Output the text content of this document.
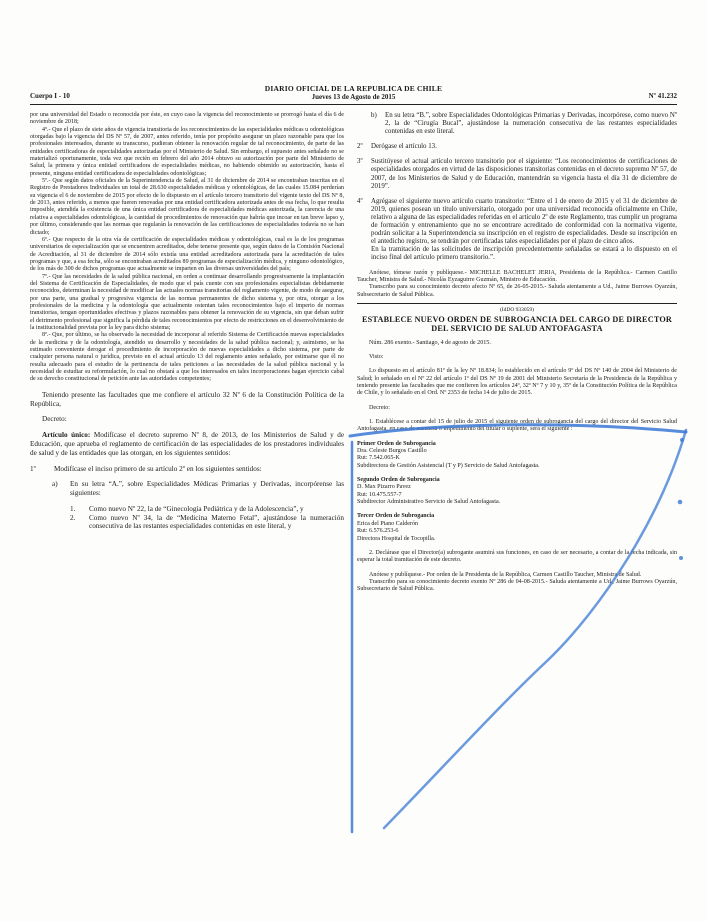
Cuerpo I - 10
DIARIO OFICIAL DE LA REPUBLICA DE CHILE
Jueves 13 de Agosto de 2015	Nº 41.232

por una universidad del Estado o reconocida por éste, en cuyo caso la vigencia del reconocimiento se prorrogó hasta el día 6 de noviembre de 2018;

4º.- Que el plazo de siete años de vigencia transitoria de los reconocimientos de las especialidades médicas u odontológicas otorgadas bajo la vigencia del DS Nº 57, de 2007, antes referido, tenía por propósito asegurar un plazo razonable para que los profesionales interesados, durante su transcurso, pudieran obtener la renovación regular de tal reconocimiento, de parte de las entidades certificadoras de especialidades autorizadas por el Ministerio de Salud. Sin embargo, el supuesto antes señalado no se materializó oportunamente, toda vez que recién en febrero del año 2014 obtuvo su autorización por parte del Ministerio de Salud, la primera y única entidad certificadora de especialidades médicas, no habiendo obtenido su autorización, hasta el presente, ninguna entidad certificadora de especialidades odontológicas;

5º.- Que según datos oficiales de la Superintendencia de Salud, al 31 de diciembre de 2014 se encontraban inscritas en el Registro de Prestadores Individuales un total de 28.630 especialidades médicas y odontológicas, de las cuales 15.084 perderían su vigencia el 6 de noviembre de 2015 por efecto de lo dispuesto en el artículo tercero transitorio del vigente texto del DS Nº 8, de 2013, antes referido, a menos que fueren renovadas por una entidad certificadora autorizada antes de esa fecha, lo que resulta imposible, atendida la existencia de una única entidad certificadora de especialidades médicas autorizada, la carencia de una relativa a especialidades odontológicas, la cantidad de procedimientos de renovación que habría que incoar en tan breve lapso y, por último, considerando que las normas que regularán la renovación de las certificaciones de especialidades todavía no se han dictado;

6º.- Que respecto de la otra vía de certificación de especialidades médicas y odontológicas, cual es la de los programas universitarios de especialización que se encuentren acreditados, debe tenerse presente que, según datos de la Comisión Nacional de Acreditación, al 31 de diciembre de 2014 sólo existía una entidad acreditadora autorizada para la acreditación de tales programas y que, a esa fecha, sólo se encontraban acreditados 89 programas de especialización médica, y ninguno odontológico, de los más de 300 de dichos programas que actualmente se imparten en las diversas universidades del país;

7º.- Que las necesidades de la salud pública nacional, en orden a continuar desarrollando progresivamente la implantación del Sistema de Certificación de Especialidades, de modo que el país cuente con sus profesionales especialistas debidamente reconocidos, determinan la necesidad de modificar las actuales normas transitorias del reglamento vigente, de modo de asegurar, por una parte, una gradual y progresiva vigencia de las normas permanentes de dicho sistema y, por otra, otorgar a los profesionales de la medicina y la odontología que actualmente ostentan tales reconocimientos bajo el imperio de normas transitorias, tengan oportunidades efectivas y plazos razonables para obtener la renovación de su vigencia, sin que deban sufrir el detrimento profesional que significa la pérdida de tales reconocimientos por efecto de restricciones en el desenvolvimiento de la institucionalidad prevista por la ley para dicho sistema;

8º.- Que, por último, se ha observado la necesidad de incorporar al referido Sistema de Certificación nuevas especialidades de la medicina y de la odontología, atendido su desarrollo y necesidades de la salud pública nacional; y, asimismo, se ha estimado conveniente derogar el procedimiento de incorporación de nuevas especialidades a dicho sistema, por parte de cualquier persona natural o jurídica, previsto en el actual artículo 13 del reglamento antes señalado, por estimarse que él no resulta adecuado para el estudio de la pertinencia de tales peticiones a las necesidades de la salud pública nacional y la necesidad de estudiar su reformulación, lo cual no obstará a que los interesados en tales incorporaciones hagan ejercicio cabal de su derecho constitucional de petición ante las autoridades competentes;

Teniendo presente las facultades que me confiere el artículo 32 Nº 6 de la Constitución Política de la República,

Decreto:

Artículo único: Modifícase el decreto supremo Nº 8, de 2013, de los Ministerios de Salud y de Educación, que aprueba el reglamento de certificación de las especialidades de los prestadores individuales de salud y de las entidades que las otorgan, en los siguientes sentidos:

1º	Modifícase el inciso primero de su artículo 2º en los siguientes sentidos:
a)	En su letra “A.”, sobre Especialidades Médicas Primarias y Derivadas, incorpórense las siguientes:
1.	Como nuevo Nº 22, la de “Ginecología Pediátrica y de la Adolescencia”, y
2.	Como nuevo Nº 34, la de “Medicina Materno Fetal”, ajustándose la numeración consecutiva de las restantes especialidades contenidas en este literal, y
b)	En su letra “B.”, sobre Especialidades Odontológicas Primarias y Derivadas, incorpórese, como nuevo Nº 2, la de “Cirugía Bucal”, ajustándose la numeración consecutiva de las restantes especialidades contenidas en este literal.
2º	Derógase el artículo 13.
3º	Sustitúyese el actual artículo tercero transitorio por el siguiente: “Los reconocimientos de certificaciones de especialidades otorgados en virtud de las disposiciones transitorias contenidas en el decreto supremo Nº 57, de 2007, de los Ministerios de Salud y de Educación, mantendrán su vigencia hasta el día 31 de diciembre de 2019”.
4º	Agrégase el siguiente nuevo artículo cuarto transitorio: “Entre el 1 de enero de 2015 y el 31 de diciembre de 2019, quienes posean un título universitario, otorgado por una universidad reconocida oficialmente en Chile, relativo a alguna de las especialidades referidas en el artículo 2º de este Reglamento, tras cumplir un programa de formación y entrenamiento que no se encontrare acreditado de conformidad con la normativa vigente, podrán solicitar a la Superintendencia su inscripción en el registro de especialidades. Desde su inscripción en el antedicho registro, se tendrán por certificadas tales especialidades por el plazo de cinco años.
En la tramitación de las solicitudes de inscripción precedentemente señaladas se estará a lo dispuesto en el inciso final del artículo primero transitorio.”.

Anótese, tómese razón y publíquese.- MICHELLE BACHELET JERIA, Presidenta de la República.- Carmen Castillo Taucher, Ministra de Salud.- Nicolás Eyzaguirre Guzmán, Ministro de Educación.

Transcribo para su conocimiento decreto afecto Nº 65, de 26-05-2015.- Saluda atentamente a Ud., Jaime Burrows Oyarzún, Subsecretario de Salud Pública.

(IdDO 933059)

ESTABLECE NUEVO ORDEN DE SUBROGANCIA DEL CARGO DE DIRECTOR DEL SERVICIO DE SALUD ANTOFAGASTA

Núm. 286 exento.- Santiago, 4 de agosto de 2015.

Visto:

Lo dispuesto en el artículo 81º de la ley Nº 18.834; lo establecido en el artículo 9º del DS Nº 140 de 2004 del Ministerio de Salud; lo señalado en el Nº 22 del artículo 1º del DS Nº 19 de 2001 del Ministerio Secretaría de la Presidencia de la República y teniendo presente las facultades que me confieren los artículos 24º, 32º Nº 7 y 10 y, 35º de la Constitución Política de la República de Chile, y lo señalado en el Ord. Nº 2353 de fecha 14 de julio de 2015.

Decreto:

1. Establécese a contar del 15 de julio de 2015 el siguiente orden de subrogancia del cargo del director del Servicio Salud Antofagasta, en caso de ausencia o impedimento del titular o suplente, será el siguiente :

Primer Orden de Subrogancia

Dra. Celeste Burgos Castillo

Rut: 7.542.065-K

Subdirectora de Gestión Asistencial (T y P) Servicio de Salud Antofagasta.

Segundo Orden de Subrogancia

D. Max Pizarro Pavez

Rut: 10.475.557-7

Subdirector Administrativo Servicio de Salud Antofagasta.

Tercer Orden de Subrogancia

Erica del Piano Calderón

Rut: 6.576.253-6

Directora Hospital de Tocopilla.

2. Declárase que el Director(a) subrogante asumirá sus funciones, en caso de ser necesario, a contar de la fecha indicada, sin esperar la total tramitación de este decreto.

Anótese y publíquese.- Por orden de la Presidenta de la República, Carmen Castillo Taucher, Ministra de Salud.

Transcribo para su conocimiento decreto exento Nº 286 de 04-08-2015.- Saluda atentamente a Ud., Jaime Burrows Oyarzún, Subsecretario de Salud Pública.
